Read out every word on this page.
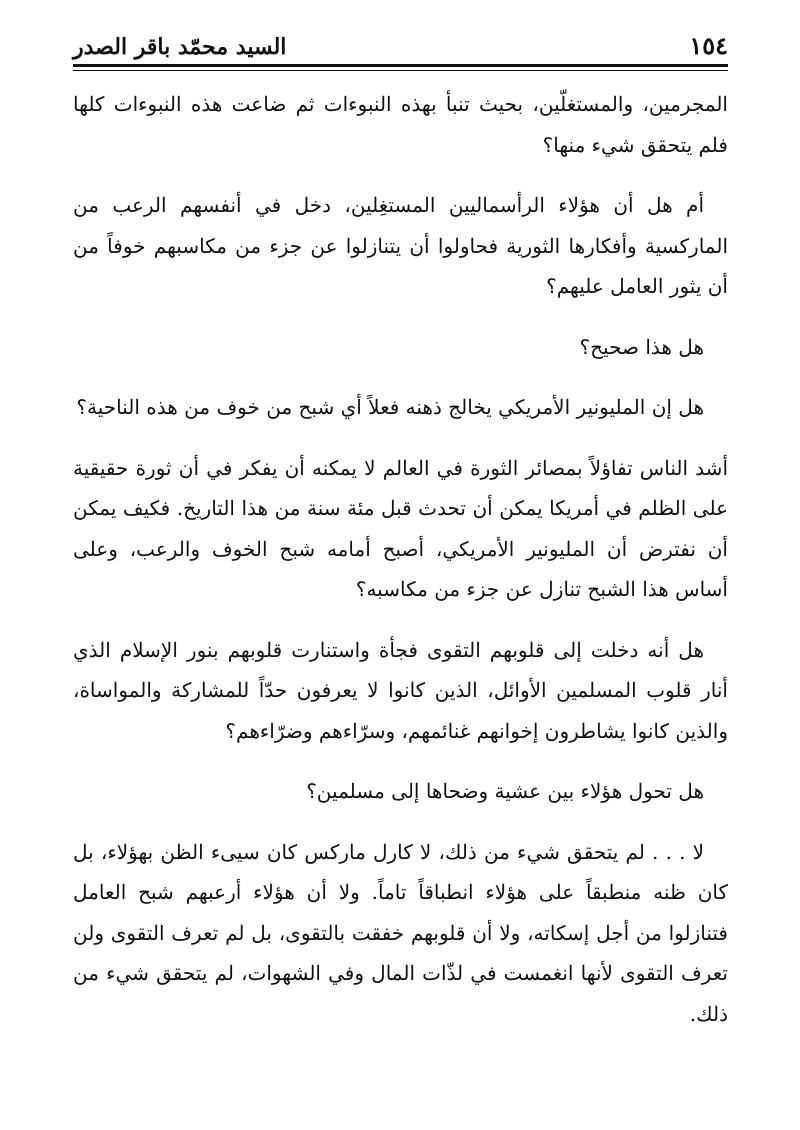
السيد محمّد باقر الصدر	١٥٤

المجرمين، والمستغلّين، بحيث تنبأ بهذه النبوءات ثم ضاعت هذه النبوءات كلها فلم يتحقق شيء منها؟

أم هل أن هؤلاء الرأسماليين المستغِلين، دخل في أنفسهم الرعب من الماركسية وأفكارها الثورية فحاولوا أن يتنازلوا عن جزء من مكاسبهم خوفاً من أن يثور العامل عليهم؟

هل هذا صحيح؟

هل إن المليونير الأمريكي يخالج ذهنه فعلاً أي شبح من خوف من هذه الناحية؟

أشد الناس تفاؤلاً بمصائر الثورة في العالم لا يمكنه أن يفكر في أن ثورة حقيقية على الظلم في أمريكا يمكن أن تحدث قبل مئة سنة من هذا التاريخ. فكيف يمكن أن نفترض أن المليونير الأمريكي، أصبح أمامه شبح الخوف والرعب، وعلى أساس هذا الشبح تنازل عن جزء من مكاسبه؟

هل أنه دخلت إلى قلوبهم التقوى فجأة واستنارت قلوبهم بنور الإسلام الذي أنار قلوب المسلمين الأوائل، الذين كانوا لا يعرفون حدّاً للمشاركة والمواساة، والذين كانوا يشاطرون إخوانهم غنائمهم، وسرّاءهم وضرّاءهم؟

هل تحول هؤلاء بين عشية وضحاها إلى مسلمين؟

لا . . . لم يتحقق شيء من ذلك، لا كارل ماركس كان سيىء الظن بهؤلاء، بل كان ظنه منطبقاً على هؤلاء انطباقاً تاماً. ولا أن هؤلاء أرعبهم شبح العامل فتنازلوا من أجل إسكاته، ولا أن قلوبهم خفقت بالتقوى، بل لم تعرف التقوى ولن تعرف التقوى لأنها انغمست في لذّات المال وفي الشهوات، لم يتحقق شيء من ذلك.
